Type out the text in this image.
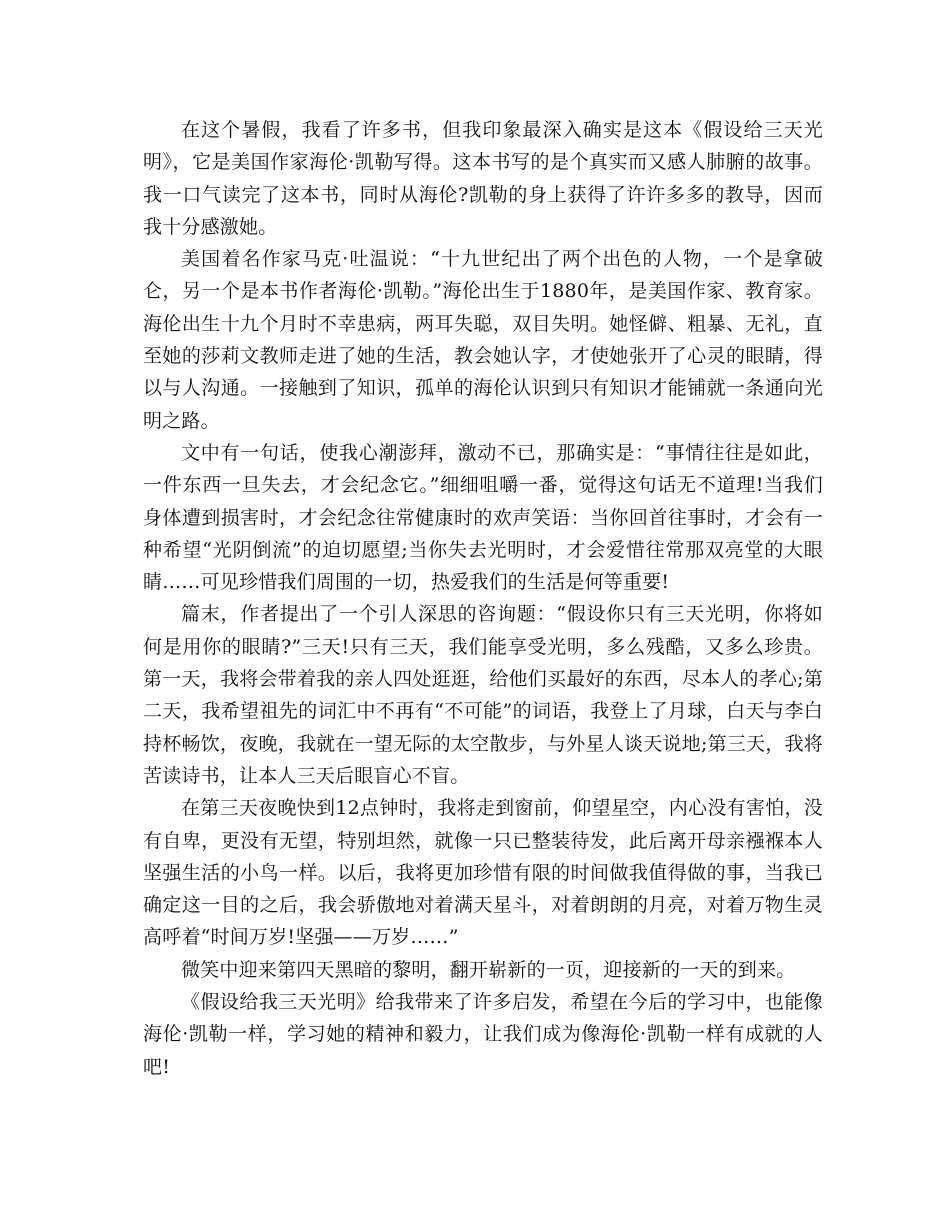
在这个暑假，我看了许多书，但我印象最深入确实是这本《假设给三天光明》，它是美国作家海伦·凯勒写得。这本书写的是个真实而又感人肺腑的故事。我一口气读完了这本书，同时从海伦?凯勒的身上获得了许许多多的教导，因而我十分感激她。

美国着名作家马克·吐温说：“十九世纪出了两个出色的人物，一个是拿破仑，另一个是本书作者海伦·凯勒。”海伦出生于1880年，是美国作家、教育家。海伦出生十九个月时不幸患病，两耳失聪，双目失明。她怪僻、粗暴、无礼，直至她的莎莉文教师走进了她的生活，教会她认字，才使她张开了心灵的眼睛，得以与人沟通。一接触到了知识，孤单的海伦认识到只有知识才能铺就一条通向光明之路。

文中有一句话，使我心潮澎拜，激动不已，那确实是：“事情往往是如此，一件东西一旦失去，才会纪念它。”细细咀嚼一番，觉得这句话无不道理!当我们身体遭到损害时，才会纪念往常健康时的欢声笑语：当你回首往事时，才会有一种希望“光阴倒流”的迫切愿望;当你失去光明时，才会爱惜往常那双亮堂的大眼睛……可见珍惜我们周围的一切，热爱我们的生活是何等重要!

篇末，作者提出了一个引人深思的咨询题：“假设你只有三天光明，你将如何是用你的眼睛?”三天!只有三天，我们能享受光明，多么残酷，又多么珍贵。第一天，我将会带着我的亲人四处逛逛，给他们买最好的东西，尽本人的孝心;第二天，我希望祖先的词汇中不再有“不可能”的词语，我登上了月球，白天与李白持杯畅饮，夜晚，我就在一望无际的太空散步，与外星人谈天说地;第三天，我将苦读诗书，让本人三天后眼盲心不盲。

在第三天夜晚快到12点钟时，我将走到窗前，仰望星空，内心没有害怕，没有自卑，更没有无望，特别坦然，就像一只已整装待发，此后离开母亲襁褓本人坚强生活的小鸟一样。以后，我将更加珍惜有限的时间做我值得做的事，当我已确定这一目的之后，我会骄傲地对着满天星斗，对着朗朗的月亮，对着万物生灵高呼着“时间万岁!坚强——万岁……”

微笑中迎来第四天黑暗的黎明，翻开崭新的一页，迎接新的一天的到来。

《假设给我三天光明》给我带来了许多启发，希望在今后的学习中，也能像海伦·凯勒一样，学习她的精神和毅力，让我们成为像海伦·凯勒一样有成就的人吧!
